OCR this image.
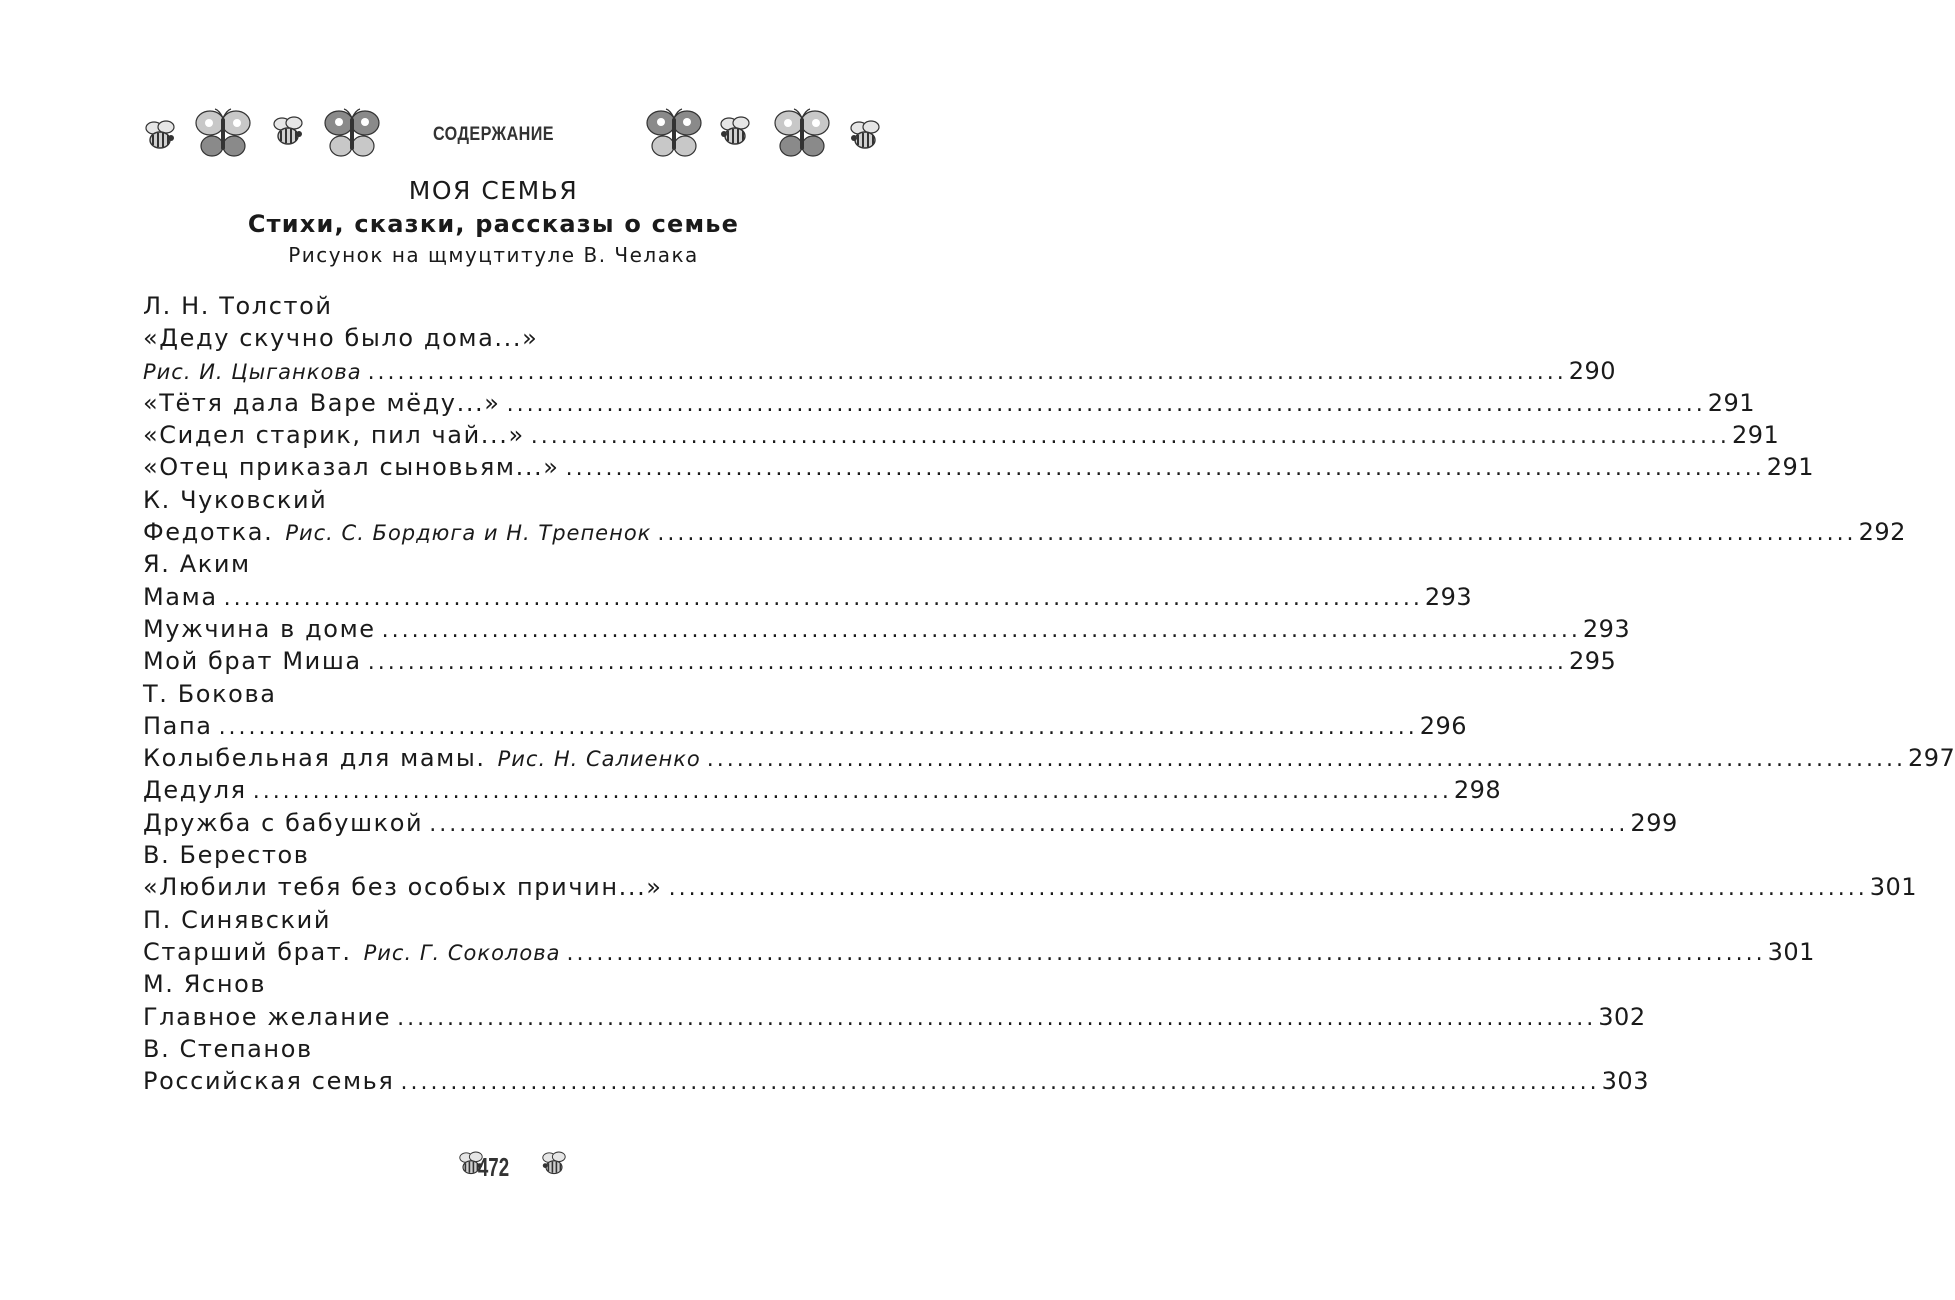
СОДЕРЖАНИЕ
МОЯ СЕМЬЯ
Стихи, сказки, рассказы о семье
Рисунок на щмуцтитуле В. Челака
Л. Н. Толстой
«Деду скучно было дома...»
Рис. И. Цыганкова ........................................................................................................................ 290
«Тётя дала Варе мёду...» ........................................................................................................................ 291
«Сидел старик, пил чай...» ........................................................................................................................ 291
«Отец приказал сыновьям...» ........................................................................................................................ 291
К. Чуковский
Федотка. Рис. С. Бордюга и Н. Трепенок ........................................................................................................................ 292
Я. Аким
Мама ........................................................................................................................ 293
Мужчина в доме ........................................................................................................................ 293
Мой брат Миша ........................................................................................................................ 295
Т. Бокова
Папа ........................................................................................................................ 296
Колыбельная для мамы. Рис. Н. Салиенко ........................................................................................................................ 297
Дедуля ........................................................................................................................ 298
Дружба с бабушкой ........................................................................................................................ 299
В. Берестов
«Любили тебя без особых причин...» ........................................................................................................................ 301
П. Синявский
Старший брат. Рис. Г. Соколова ........................................................................................................................ 301
М. Яснов
Главное желание ........................................................................................................................ 302
В. Степанов
Российская семья ........................................................................................................................ 303
472
